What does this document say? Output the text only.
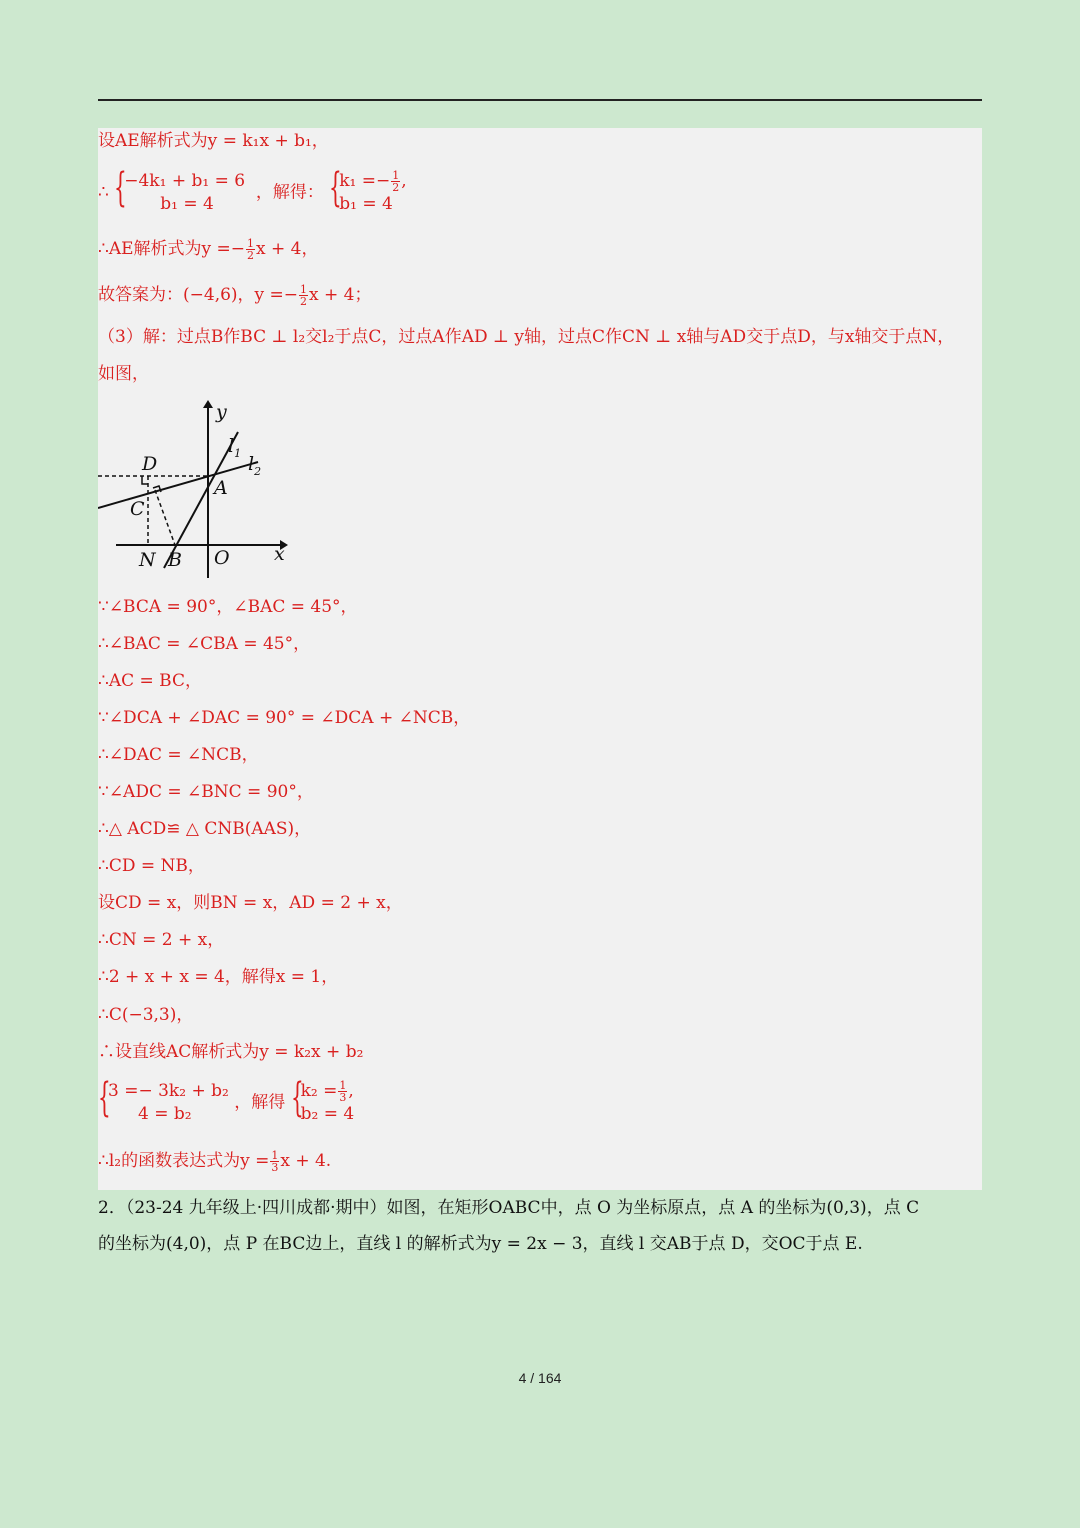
设AE解析式为y = k₁x + b₁，
∴ {
−4k₁ + b₁ = 6
b₁ = 4
，解得： {
$k_1 =- \frac{1}{2}$ ,
b₁ = 4
∴AE解析式为$y =- \frac{1}{2}$ x + 4，
故答案为：(−4,6)，$y =- \frac{1}{2}$ x + 4；
（3）解：过点B作BC ⊥ l₂交l₂于点C，过点A作AD ⊥ y轴，过点C作CN ⊥ x轴与AD交于点D，与x轴交于点N，
如图，
y
x
$l_1$ $l_2$
D
A
C
N B O
∵∠BCA = 90°，∠BAC = 45°，
∴∠BAC = ∠CBA = 45°，
∴AC = BC，
∵∠DCA + ∠DAC = 90° = ∠DCA + ∠NCB，
∴∠DAC = ∠NCB，
∵∠ADC = ∠BNC = 90°，
∴△ ACD≌ △ CNB(AAS)，
∴CD = NB，
设CD = x，则BN = x，AD = 2 + x，
∴CN = 2 + x，
∴2 + x + x = 4，解得x = 1，
∴C(−3,3)，
∴设直线AC解析式为y = k₂x + b₂
{
3 =− 3k₂ + b₂
4 = b₂
，解得 {
$k_2 = \frac{1}{3}$ ,
b₂ = 4
∴l₂的函数表达式为$y = \frac{1}{3}$ x + 4.
2．（23-24 九年级上·四川成都·期中）如图，在矩形OABC中，点 O 为坐标原点，点 A 的坐标为(0,3)，点 C
的坐标为(4,0)，点 P 在BC边上，直线 l 的解析式为y = 2x − 3，直线 l 交AB于点 D，交OC于点 E.
4 / 164
